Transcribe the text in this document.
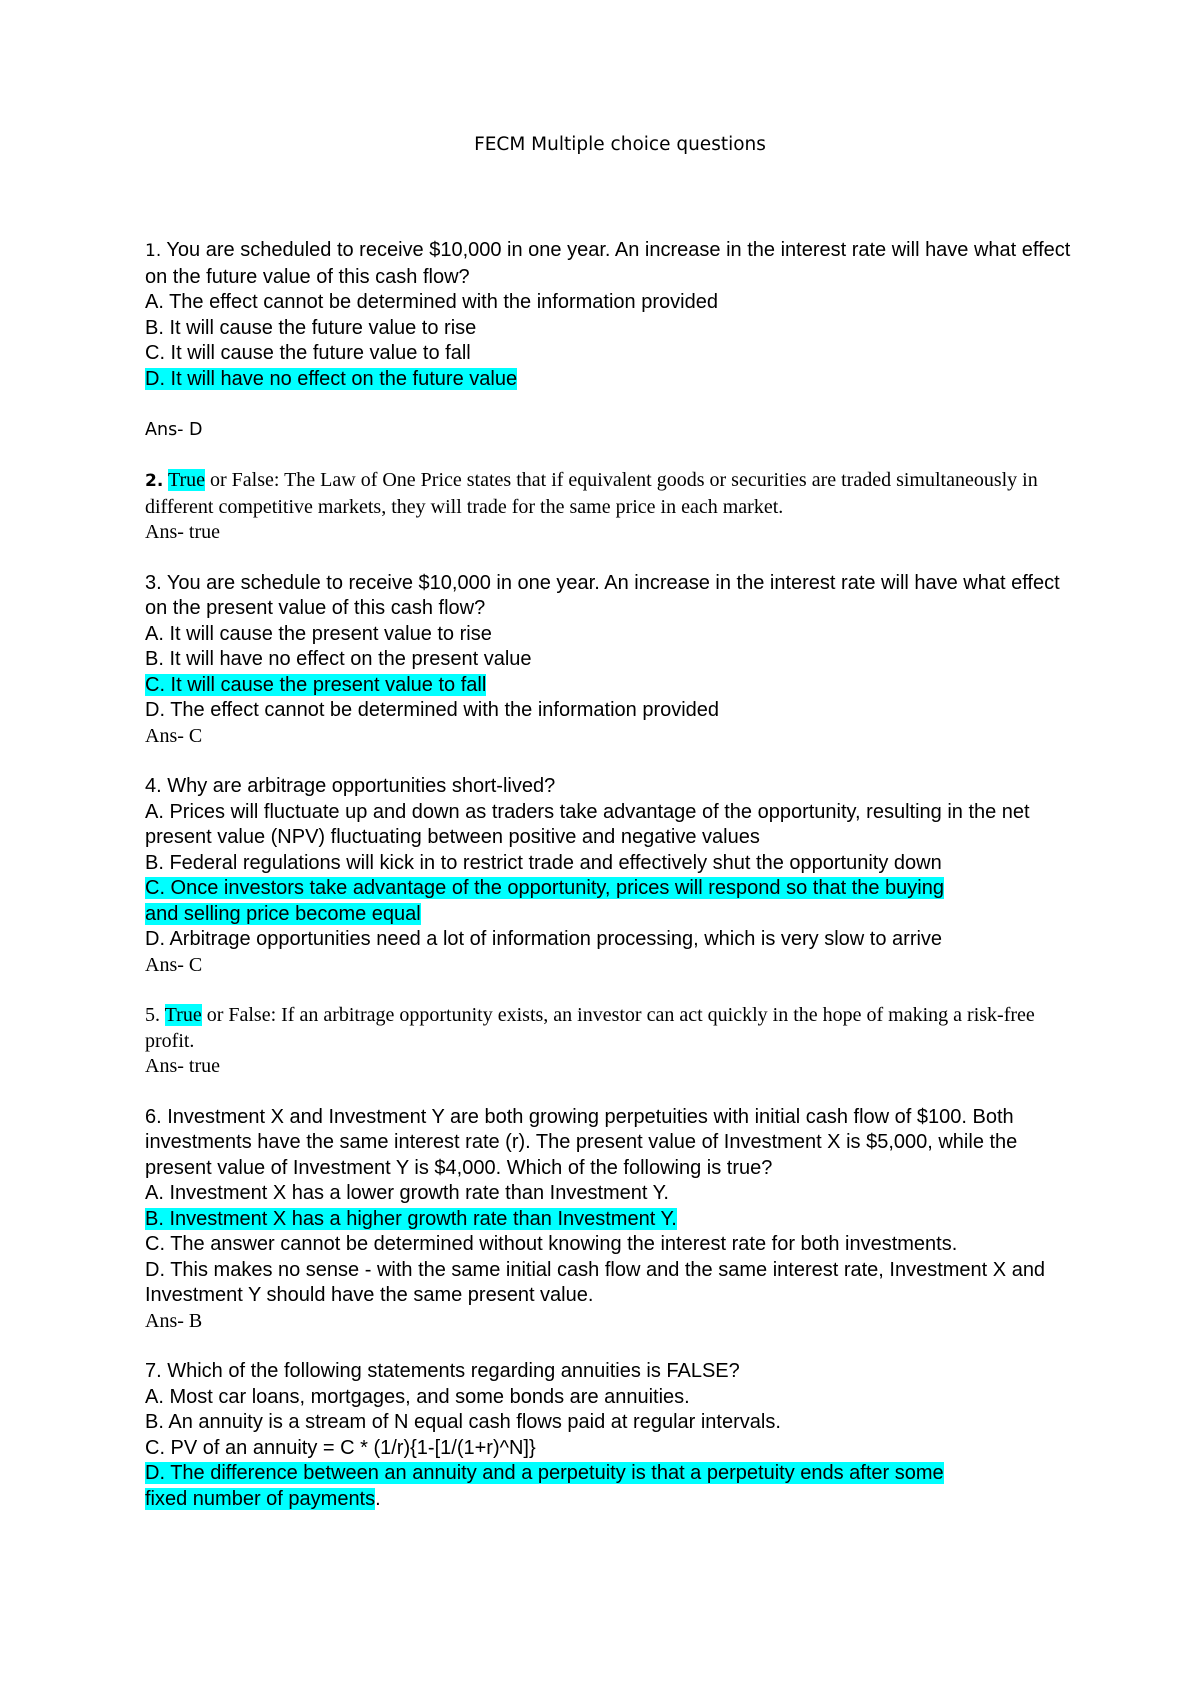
FECM Multiple choice questions
1. You are scheduled to receive $10,000 in one year. An increase in the interest rate will have what effect on the future value of this cash flow?
A. The effect cannot be determined with the information provided
B. It will cause the future value to rise
C. It will cause the future value to fall
D. It will have no effect on the future value
Ans- D
2. True or False: The Law of One Price states that if equivalent goods or securities are traded simultaneously in different competitive markets, they will trade for the same price in each market.
Ans- true
3. You are schedule to receive $10,000 in one year. An increase in the interest rate will have what effect on the present value of this cash flow?
A. It will cause the present value to rise
B. It will have no effect on the present value
C. It will cause the present value to fall
D. The effect cannot be determined with the information provided
Ans- C
4. Why are arbitrage opportunities short-lived?
A. Prices will fluctuate up and down as traders take advantage of the opportunity, resulting in the net present value (NPV) fluctuating between positive and negative values
B. Federal regulations will kick in to restrict trade and effectively shut the opportunity down
C. Once investors take advantage of the opportunity, prices will respond so that the buying
and selling price become equal
D. Arbitrage opportunities need a lot of information processing, which is very slow to arrive
Ans- C
5. True or False: If an arbitrage opportunity exists, an investor can act quickly in the hope of making a risk-free profit.
Ans- true
6. Investment X and Investment Y are both growing perpetuities with initial cash flow of $100. Both investments have the same interest rate (r). The present value of Investment X is $5,000, while the present value of Investment Y is $4,000. Which of the following is true?
A. Investment X has a lower growth rate than Investment Y.
B. Investment X has a higher growth rate than Investment Y.
C. The answer cannot be determined without knowing the interest rate for both investments.
D. This makes no sense - with the same initial cash flow and the same interest rate, Investment X and Investment Y should have the same present value.
Ans- B
7. Which of the following statements regarding annuities is FALSE?
A. Most car loans, mortgages, and some bonds are annuities.
B. An annuity is a stream of N equal cash flows paid at regular intervals.
C. PV of an annuity = C * (1/r){1-[1/(1+r)^N]}
D. The difference between an annuity and a perpetuity is that a perpetuity ends after some
fixed number of payments.
